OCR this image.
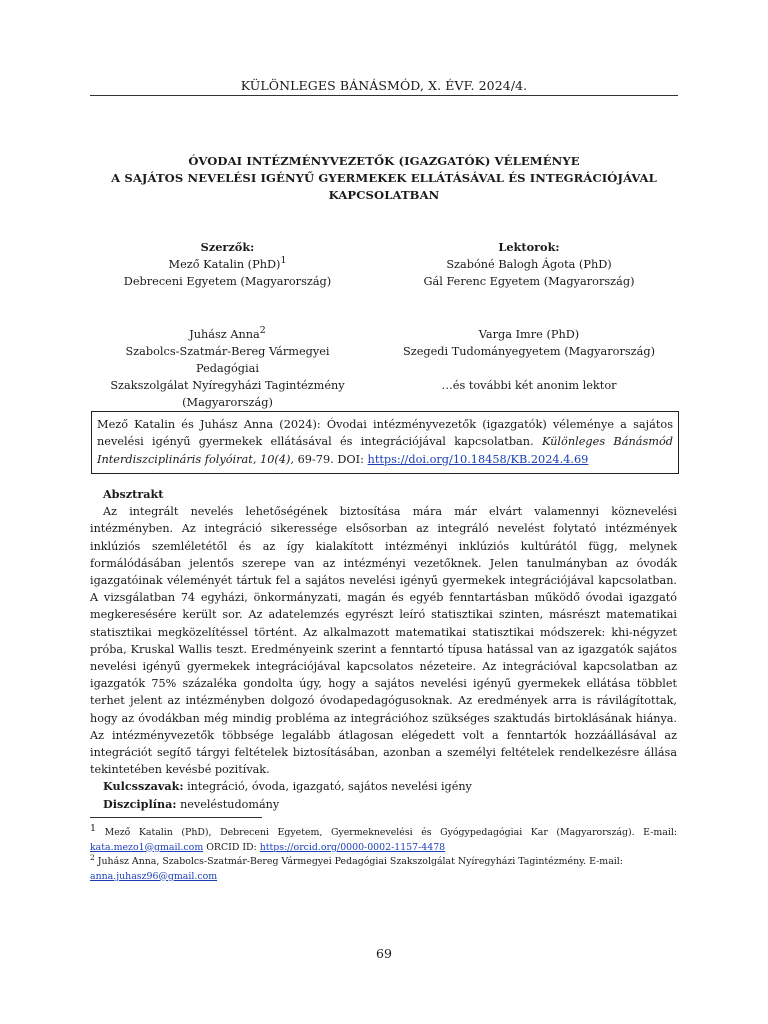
KÜLÖNLEGES BÁNÁSMÓD, X. ÉVF. 2024/4.
ÓVODAI INTÉZMÉNYVEZETŐK (IGAZGATÓK) VÉLEMÉNYE
A SAJÁTOS NEVELÉSI IGÉNYŰ GYERMEKEK ELLÁTÁSÁVAL ÉS INTEGRÁCIÓJÁVAL
KAPCSOLATBAN
Szerzők:
Mező Katalin (PhD)$^1$
Debreceni Egyetem (Magyarország)
Lektorok:
Szabóné Balogh Ágota (PhD)
Gál Ferenc Egyetem (Magyarország)
Juhász Anna$^2$
Szabolcs-Szatmár-Bereg Vármegyei Pedagógiai
Szakszolgálat Nyíregyházi Tagintézmény
(Magyarország)
Varga Imre (PhD)
Szegedi Tudományegyetem (Magyarország)
…és további két anonim lektor
Mező Katalin és Juhász Anna (2024): Óvodai intézményvezetők (igazgatók) véleménye a sajátos nevelési igényű gyermekek ellátásával és integrációjával kapcsolatban. Különleges Bánásmód Interdiszciplináris folyóirat, 10(4), 69-79. DOI: https://doi.org/10.18458/KB.2024.4.69
Absztrakt
Az integrált nevelés lehetőségének biztosítása mára már elvárt valamennyi köznevelési intézményben. Az integráció sikeressége elsősorban az integráló nevelést folytató intézmények inklúziós szemléletétől és az így kialakított intézményi inklúziós kultúrától függ, melynek formálódásában jelentős szerepe van az intézményi vezetőknek. Jelen tanulmányban az óvodák igazgatóinak véleményét tártuk fel a sajátos nevelési igényű gyermekek integrációjával kapcsolatban. A vizsgálatban 74 egyházi, önkormányzati, magán és egyéb fenntartásban működő óvodai igazgató megkeresésére került sor. Az adatelemzés egyrészt leíró statisztikai szinten, másrészt matematikai statisztikai megközelítéssel történt. Az alkalmazott matematikai statisztikai módszerek: khi-négyzet próba, Kruskal Wallis teszt. Eredményeink szerint a fenntartó típusa hatással van az igazgatók sajátos nevelési igényű gyermekek integrációjával kapcsolatos nézeteire. Az integrációval kapcsolatban az igazgatók 75% százaléka gondolta úgy, hogy a sajátos nevelési igényű gyermekek ellátása többlet terhet jelent az intézményben dolgozó óvodapedagógusoknak. Az eredmények arra is rávilágítottak, hogy az óvodákban még mindig probléma az integrációhoz szükséges szaktudás birtoklásának hiánya. Az intézményvezetők többsége legalább átlagosan elégedett volt a fenntartók hozzáállásával az integrációt segítő tárgyi feltételek biztosításában, azonban a személyi feltételek rendelkezésre állása tekintetében kevésbé pozitívak.
Kulcsszavak: integráció, óvoda, igazgató, sajátos nevelési igény
Diszciplína: neveléstudomány

$^1$ Mező Katalin (PhD), Debreceni Egyetem, Gyermeknevelési és Gyógypedagógiai Kar (Magyarország). E-mail: kata.mezo1@gmail.com ORCID ID: https://orcid.org/0000-0002-1157-4478

$^2$ Juhász Anna, Szabolcs-Szatmár-Bereg Vármegyei Pedagógiai Szakszolgálat Nyíregyházi Tagintézmény. E-mail:
anna.juhasz96@gmail.com

69
